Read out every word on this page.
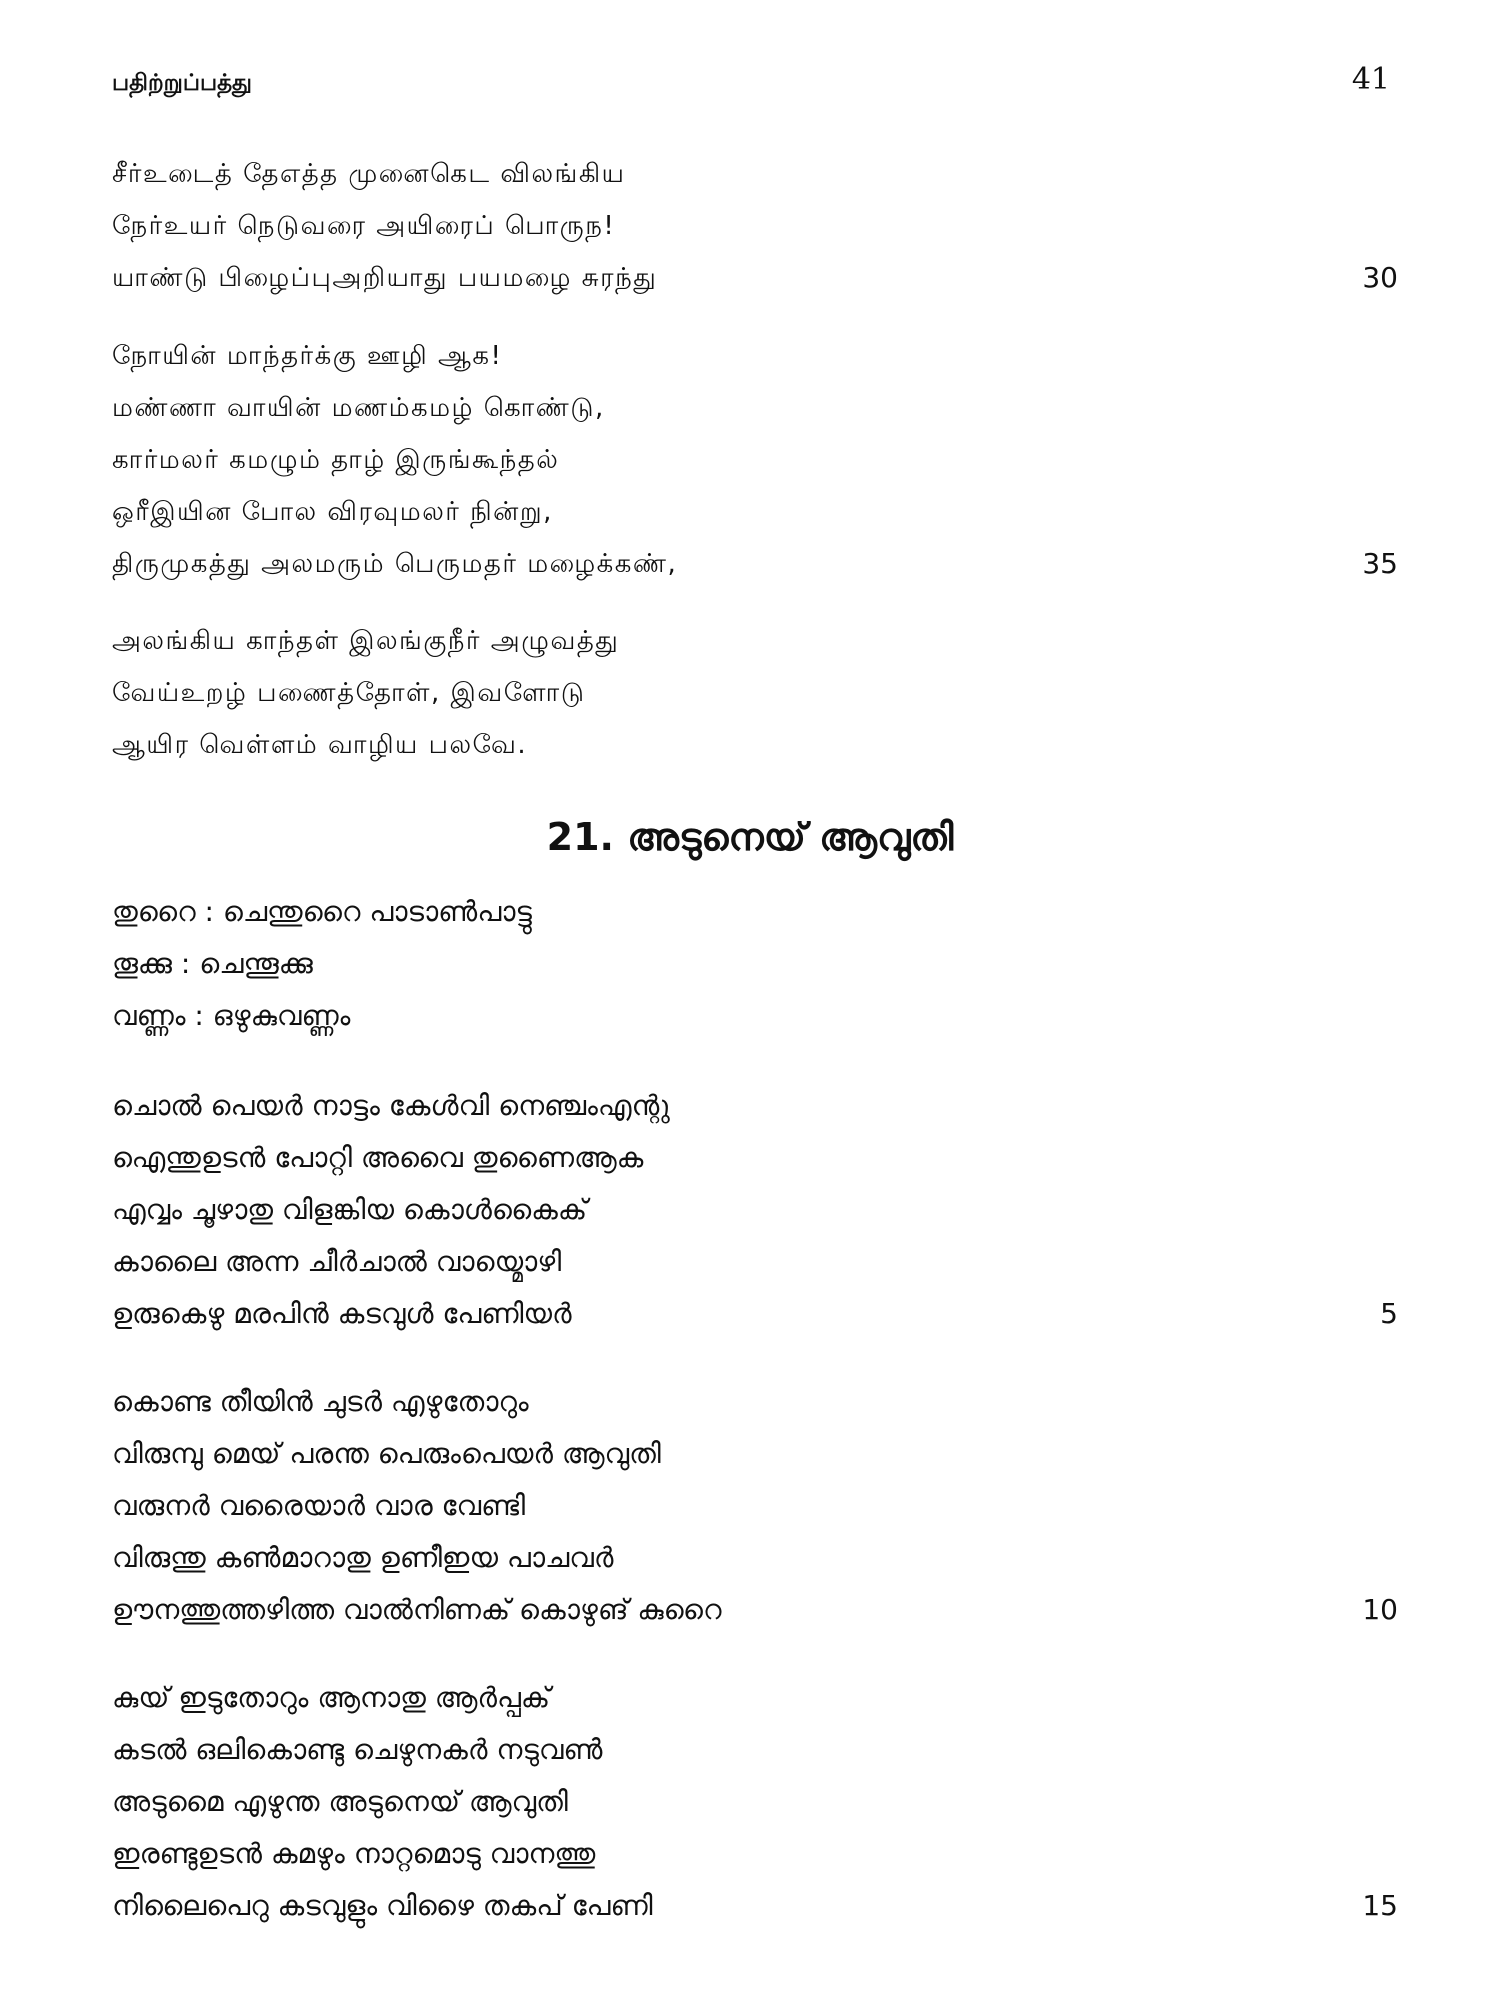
பதிற்றுப்பத்து	41
சீர்உடைத் தேஎத்த முனைகெட விலங்கிய
நேர்உயர் நெடுவரை அயிரைப் பொருந!
யாண்டு பிழைப்புஅறியாது பயமழை சுரந்து	30
நோயின் மாந்தர்க்கு ஊழி ஆக!
மண்ணா வாயின் மணம்கமழ் கொண்டு,
கார்மலர் கமழும் தாழ் இருங்கூந்தல்
ஒரீஇயின போல விரவுமலர் நின்று,
திருமுகத்து அலமரும் பெருமதர் மழைக்கண்,	35
அலங்கிய காந்தள் இலங்குநீர் அழுவத்து
வேய்உறழ் பணைத்தோள், இவளோடு
ஆயிர வெள்ளம் வாழிய பலவே.
21. അടുനെയ് ആവുതി
തുറൈ : ചെന്തുറൈ പാടാൺപാട്ടു
തൂക്കു : ചെന്തൂക്കു
വണ്ണം : ഒഴുകുവണ്ണം
ചൊൽ പെയർ നാട്ടം കേൾവി നെഞ്ചംഎന്റു
ഐന്തുഉടൻ പോറ്റി അവൈ തുണൈആക
എവ്വം ചൂഴാതു വിളങ്കിയ കൊൾകൈക്
കാലൈ അന്ന ചീർചാൽ വായ്മൊഴി
ഉരുകെഴു മരപിൻ കടവുൾ പേണിയർ	5
കൊണ്ട തീയിൻ ചുടർ എഴുതോറും
വിരുമ്പു മെയ് പരന്ത പെരുംപെയർ ആവുതി
വരുനർ വരൈയാർ വാര വേണ്ടി
വിരുന്തു കൺമാറാതു ഉണീഇയ പാചവർ
ഊനത്തുത്തഴിത്ത വാൽനിണക് കൊഴുങ് കുറൈ	10
കുയ് ഇടുതോറും ആനാതു ആർപ്പക്
കടൽ ഒലികൊണ്ടു ചെഴുനകർ നടുവൺ
അടുമൈ എഴുന്ത അടുനെയ് ആവുതി
ഇരണ്ടുഉടൻ കമഴും നാറ്റമൊടു വാനത്തു
നിലൈപെറു കടവുളും വിഴൈ തകപ് പേണി	15
